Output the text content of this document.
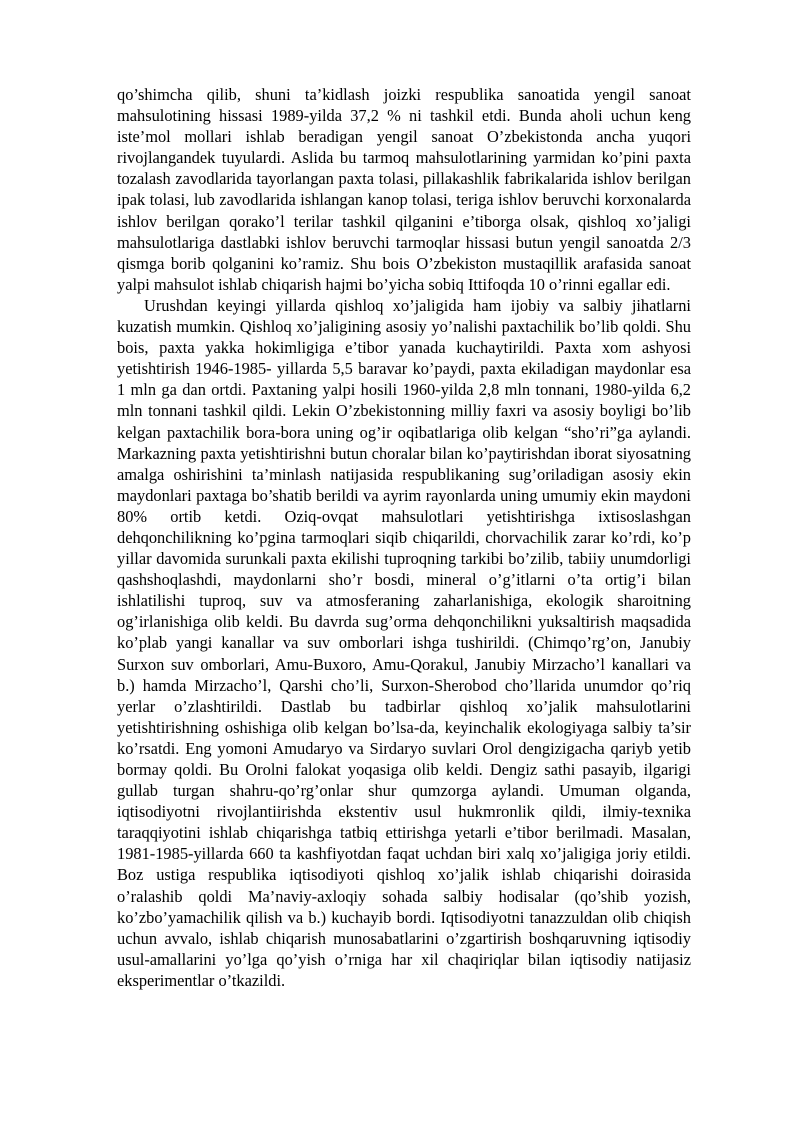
qo’shimcha qilib, shuni ta’kidlash joizki respublika sanoatida yengil sanoat mahsulotining hissasi 1989-yilda 37,2 % ni tashkil etdi. Bunda aholi uchun keng iste’mol mollari ishlab beradigan yengil sanoat O’zbekistonda ancha yuqori rivojlangandek tuyulardi. Aslida bu tarmoq mahsulotlarining yarmidan ko’pini paxta tozalash zavodlarida tayorlangan paxta tolasi, pillakashlik fabrikalarida ishlov berilgan ipak tolasi, lub zavodlarida ishlangan kanop tolasi, teriga ishlov beruvchi korxonalarda ishlov berilgan qorako’l terilar tashkil qilganini e’tiborga olsak, qishloq xo’jaligi mahsulotlariga dastlabki ishlov beruvchi tarmoqlar hissasi butun yengil sanoatda 2/3 qismga borib qolganini ko’ramiz. Shu bois O’zbekiston mustaqillik arafasida sanoat yalpi mahsulot ishlab chiqarish hajmi bo’yicha sobiq Ittifoqda 10 o’rinni egallar edi.

Urushdan keyingi yillarda qishloq xo’jaligida ham ijobiy va salbiy jihatlarni kuzatish mumkin. Qishloq xo’jaligining asosiy yo’nalishi paxtachilik bo’lib qoldi. Shu bois, paxta yakka hokimligiga e’tibor yanada kuchaytirildi. Paxta xom ashyosi yetishtirish 1946-1985- yillarda 5,5 baravar ko’paydi, paxta ekiladigan maydonlar esa 1 mln ga dan ortdi. Paxtaning yalpi hosili 1960-yilda 2,8 mln tonnani, 1980-yilda 6,2 mln tonnani tashkil qildi. Lekin O’zbekistonning milliy faxri va asosiy boyligi bo’lib kelgan paxtachilik bora-bora uning og’ir oqibatlariga olib kelgan “sho’ri”ga aylandi. Markazning paxta yetishtirishni butun choralar bilan ko’paytirishdan iborat siyosatning amalga oshirishini ta’minlash natijasida respublikaning sug’oriladigan asosiy ekin maydonlari paxtaga bo’shatib berildi va ayrim rayonlarda uning umumiy ekin maydoni 80% ortib ketdi. Oziq-ovqat mahsulotlari yetishtirishga ixtisoslashgan dehqonchilikning ko’pgina tarmoqlari siqib chiqarildi, chorvachilik zarar ko’rdi, ko’p yillar davomida surunkali paxta ekilishi tuproqning tarkibi bo’zilib, tabiiy unumdorligi qashshoqlashdi, maydonlarni sho’r bosdi, mineral o’g’itlarni o’ta ortig’i bilan ishlatilishi tuproq, suv va atmosferaning zaharlanishiga, ekologik sharoitning og’irlanishiga olib keldi. Bu davrda sug’orma dehqonchilikni yuksaltirish maqsadida ko’plab yangi kanallar va suv omborlari ishga tushirildi. (Chimqo’rg’on, Janubiy Surxon suv omborlari, Amu-Buxoro, Amu-Qorakul, Janubiy Mirzacho’l kanallari va b.) hamda Mirzacho’l, Qarshi cho’li, Surxon-Sherobod cho’llarida unumdor qo’riq yerlar o’zlashtirildi. Dastlab bu tadbirlar qishloq xo’jalik mahsulotlarini yetishtirishning oshishiga olib kelgan bo’lsa-da, keyinchalik ekologiyaga salbiy ta’sir ko’rsatdi. Eng yomoni Amudaryo va Sirdaryo suvlari Orol dengizigacha qariyb yetib bormay qoldi. Bu Orolni falokat yoqasiga olib keldi. Dengiz sathi pasayib, ilgarigi gullab turgan shahru-qo’rg’onlar shur qumzorga aylandi. Umuman olganda, iqtisodiyotni rivojlantiirishda ekstentiv usul hukmronlik qildi, ilmiy-texnika taraqqiyotini ishlab chiqarishga tatbiq ettirishga yetarli e’tibor berilmadi. Masalan, 1981-1985-yillarda 660 ta kashfiyotdan faqat uchdan biri xalq xo’jaligiga joriy etildi. Boz ustiga respublika iqtisodiyoti qishloq xo’jalik ishlab chiqarishi doirasida o’ralashib qoldi Ma’naviy-axloqiy sohada salbiy hodisalar (qo’shib yozish, ko’zbo’yamachilik qilish va b.) kuchayib bordi. Iqtisodiyotni tanazzuldan olib chiqish uchun avvalo, ishlab chiqarish munosabatlarini o’zgartirish boshqaruvning iqtisodiy usul-amallarini yo’lga qo’yish o’rniga har xil chaqiriqlar bilan iqtisodiy natijasiz eksperimentlar o’tkazildi.
